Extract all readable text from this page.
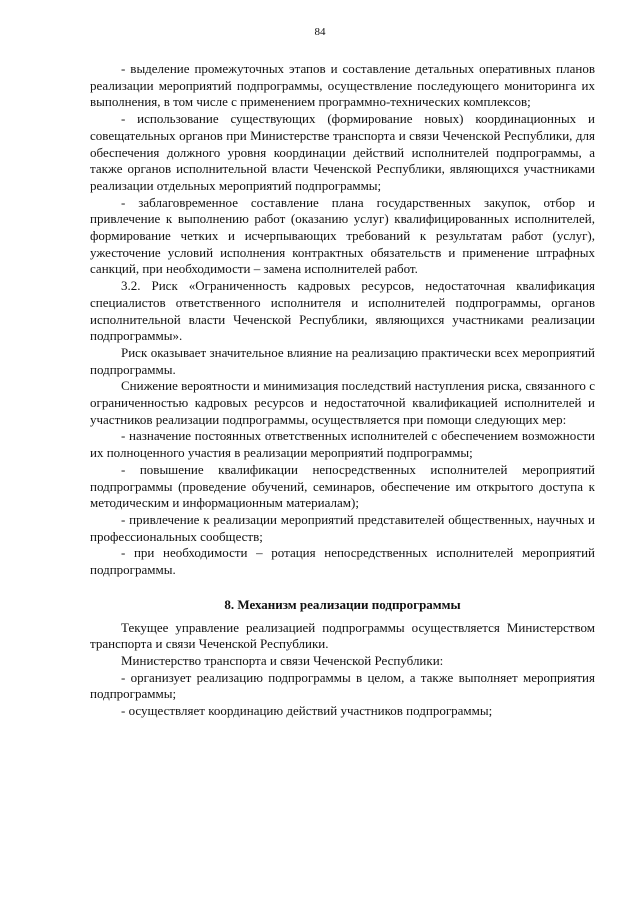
84

- выделение промежуточных этапов и составление детальных оперативных планов реализации мероприятий подпрограммы, осуществление последующего мониторинга их выполнения, в том числе с применением программно-технических комплексов;

- использование существующих (формирование новых) координационных и совещательных органов при Министерстве транспорта и связи Чеченской Республики, для обеспечения должного уровня координации действий исполнителей подпрограммы, а также органов исполнительной власти Чеченской Республики, являющихся участниками реализации отдельных мероприятий подпрограммы;

- заблаговременное составление плана государственных закупок, отбор и привлечение к выполнению работ (оказанию услуг) квалифицированных исполнителей, формирование четких и исчерпывающих требований к результатам работ (услуг), ужесточение условий исполнения контрактных обязательств и применение штрафных санкций, при необходимости – замена исполнителей работ.

3.2. Риск «Ограниченность кадровых ресурсов, недостаточная квалификация специалистов ответственного исполнителя и исполнителей подпрограммы, органов исполнительной власти Чеченской Республики, являющихся участниками реализации подпрограммы».

Риск оказывает значительное влияние на реализацию практически всех мероприятий подпрограммы.

Снижение вероятности и минимизация последствий наступления риска, связанного с ограниченностью кадровых ресурсов и недостаточной квалификацией исполнителей и участников реализации подпрограммы, осуществляется при помощи следующих мер:

- назначение постоянных ответственных исполнителей с обеспечением возможности их полноценного участия в реализации мероприятий подпрограммы;

- повышение квалификации непосредственных исполнителей мероприятий подпрограммы (проведение обучений, семинаров, обеспечение им открытого доступа к методическим и информационным материалам);

- привлечение к реализации мероприятий представителей общественных, научных и профессиональных сообществ;

- при необходимости – ротация непосредственных исполнителей мероприятий подпрограммы.

8. Механизм реализации подпрограммы

Текущее управление реализацией подпрограммы осуществляется Министерством транспорта и связи Чеченской Республики.

Министерство транспорта и связи Чеченской Республики:

- организует реализацию подпрограммы в целом, а также выполняет мероприятия подпрограммы;

- осуществляет координацию действий участников подпрограммы;
